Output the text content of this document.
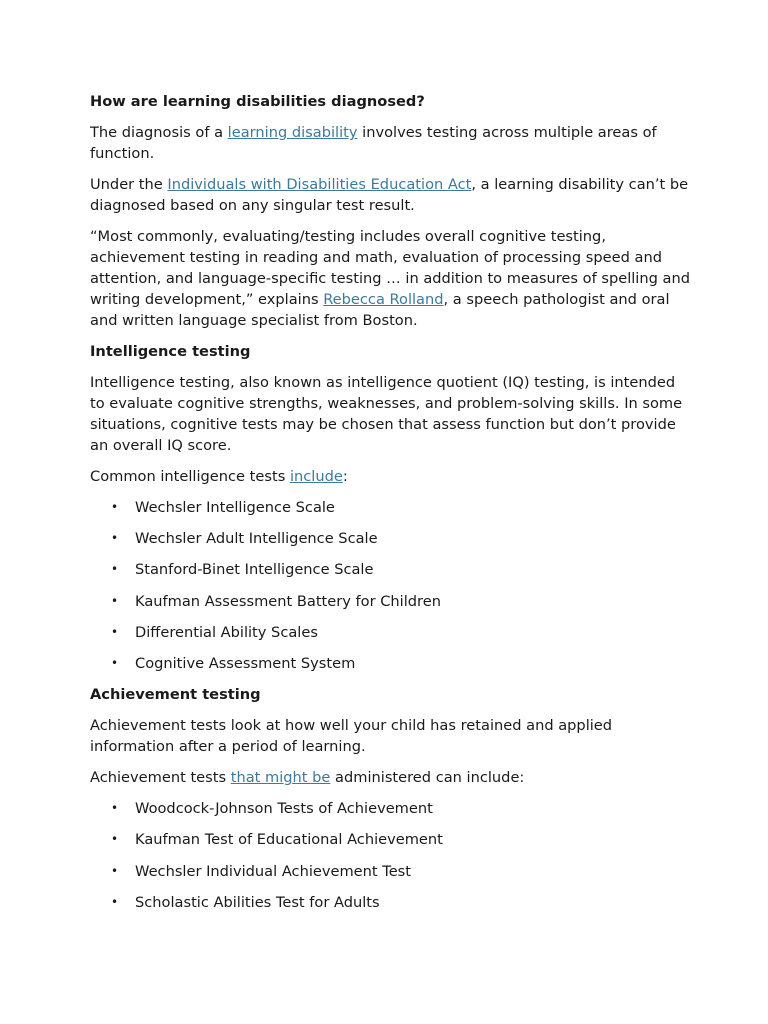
How are learning disabilities diagnosed?

The diagnosis of a learning disability involves testing across multiple areas of function.

Under the Individuals with Disabilities Education Act, a learning disability can’t be diagnosed based on any singular test result.

“Most commonly, evaluating/testing includes overall cognitive testing, achievement testing in reading and math, evaluation of processing speed and attention, and language-specific testing … in addition to measures of spelling and writing development,” explains Rebecca Rolland, a speech pathologist and oral and written language specialist from Boston.

Intelligence testing

Intelligence testing, also known as intelligence quotient (IQ) testing, is intended to evaluate cognitive strengths, weaknesses, and problem-solving skills. In some situations, cognitive tests may be chosen that assess function but don’t provide an overall IQ score.

Common intelligence tests include:

• Wechsler Intelligence Scale
• Wechsler Adult Intelligence Scale
• Stanford-Binet Intelligence Scale
• Kaufman Assessment Battery for Children
• Differential Ability Scales
• Cognitive Assessment System
Achievement testing

Achievement tests look at how well your child has retained and applied information after a period of learning.

Achievement tests that might be administered can include:

• Woodcock-Johnson Tests of Achievement
• Kaufman Test of Educational Achievement
• Wechsler Individual Achievement Test
• Scholastic Abilities Test for Adults
